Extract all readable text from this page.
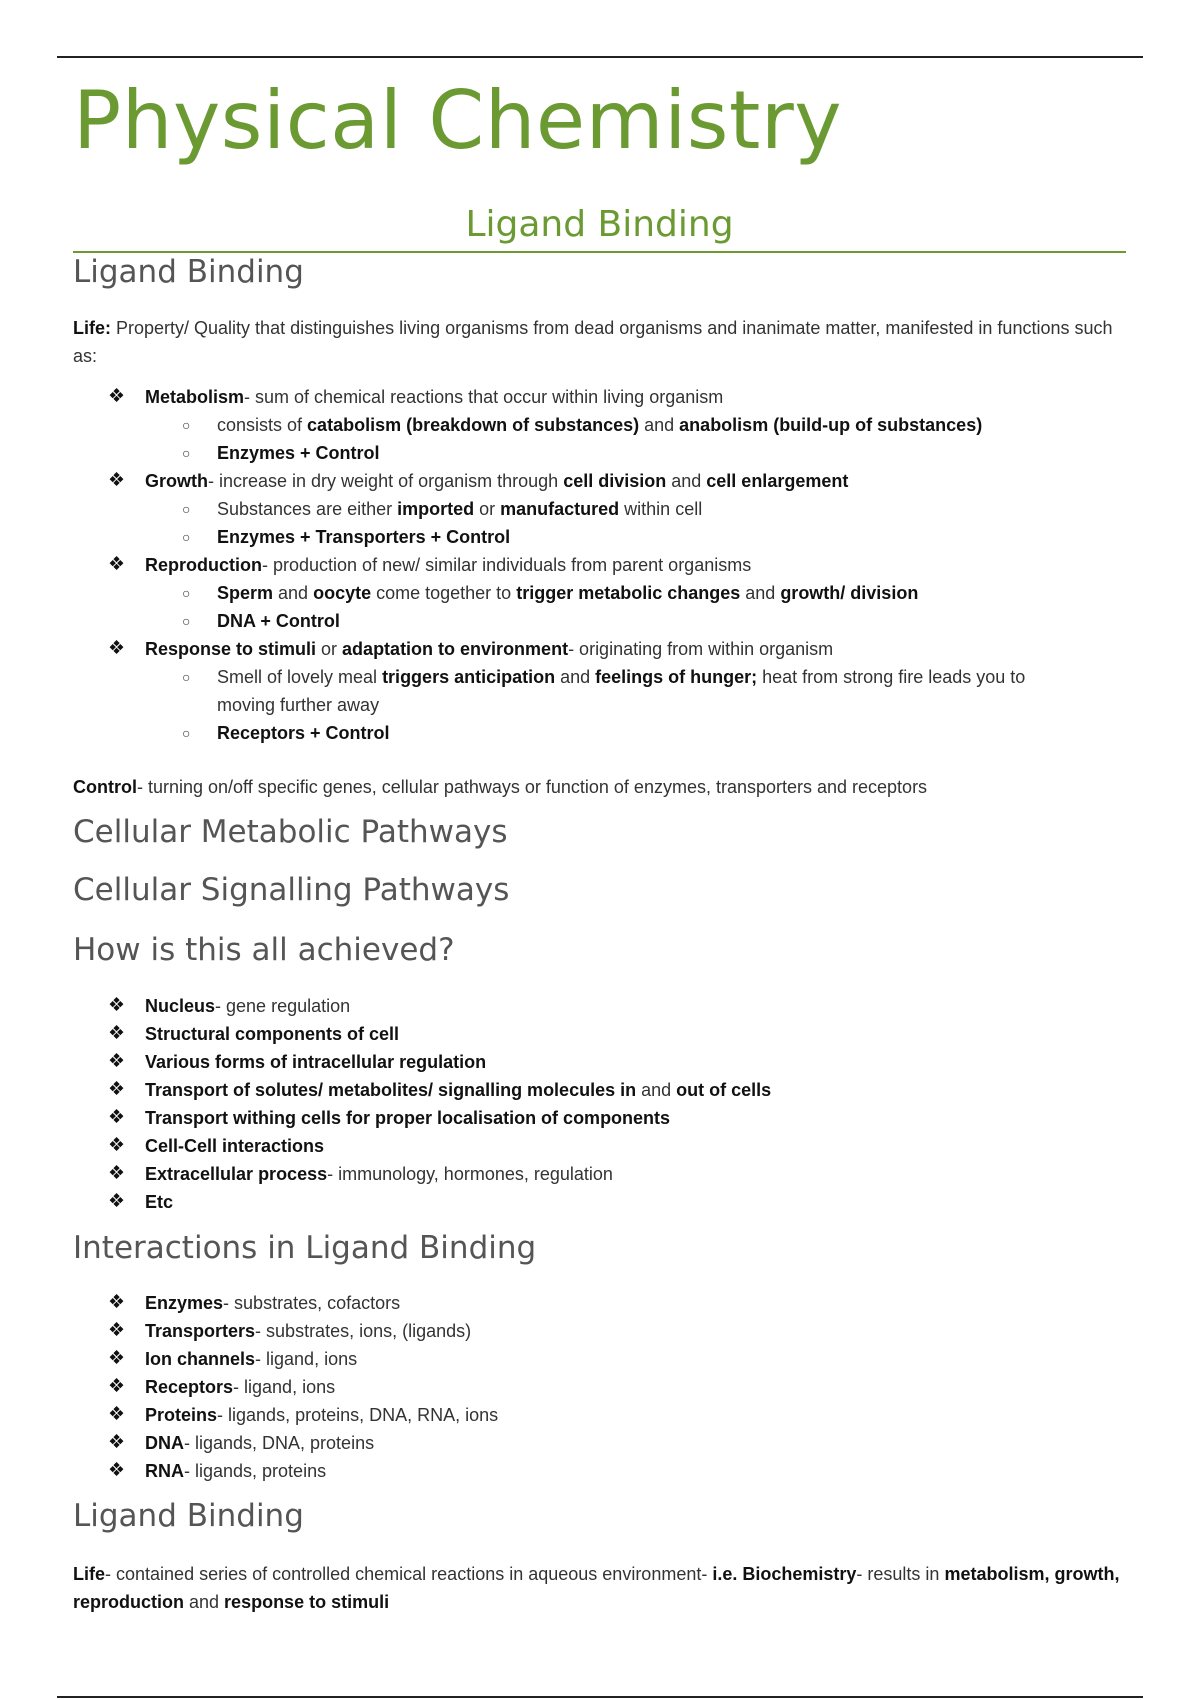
Physical Chemistry
Ligand Binding
Ligand Binding

Life: Property/ Quality that distinguishes living organisms from dead organisms and inanimate matter, manifested in functions such as:

❖ Metabolism- sum of chemical reactions that occur within living organism
○ consists of catabolism (breakdown of substances) and anabolism (build-up of substances)
○ Enzymes + Control
❖ Growth- increase in dry weight of organism through cell division and cell enlargement
○ Substances are either imported or manufactured within cell
○ Enzymes + Transporters + Control
❖ Reproduction- production of new/ similar individuals from parent organisms
○ Sperm and oocyte come together to trigger metabolic changes and growth/ division
○ DNA + Control
❖ Response to stimuli or adaptation to environment- originating from within organism
○ Smell of lovely meal triggers anticipation and feelings of hunger; heat from strong fire leads you to moving further away
○ Receptors + Control

Control- turning on/off specific genes, cellular pathways or function of enzymes, transporters and receptors

Cellular Metabolic Pathways
Cellular Signalling Pathways
How is this all achieved?
❖ Nucleus- gene regulation
❖ Structural components of cell
❖ Various forms of intracellular regulation
❖ Transport of solutes/ metabolites/ signalling molecules in and out of cells
❖ Transport withing cells for proper localisation of components
❖ Cell-Cell interactions
❖ Extracellular process- immunology, hormones, regulation
❖ Etc
Interactions in Ligand Binding
❖ Enzymes- substrates, cofactors
❖ Transporters- substrates, ions, (ligands)
❖ Ion channels- ligand, ions
❖ Receptors- ligand, ions
❖ Proteins- ligands, proteins, DNA, RNA, ions
❖ DNA- ligands, DNA, proteins
❖ RNA- ligands, proteins
Ligand Binding

Life- contained series of controlled chemical reactions in aqueous environment- i.e. Biochemistry- results in metabolism, growth, reproduction and response to stimuli
